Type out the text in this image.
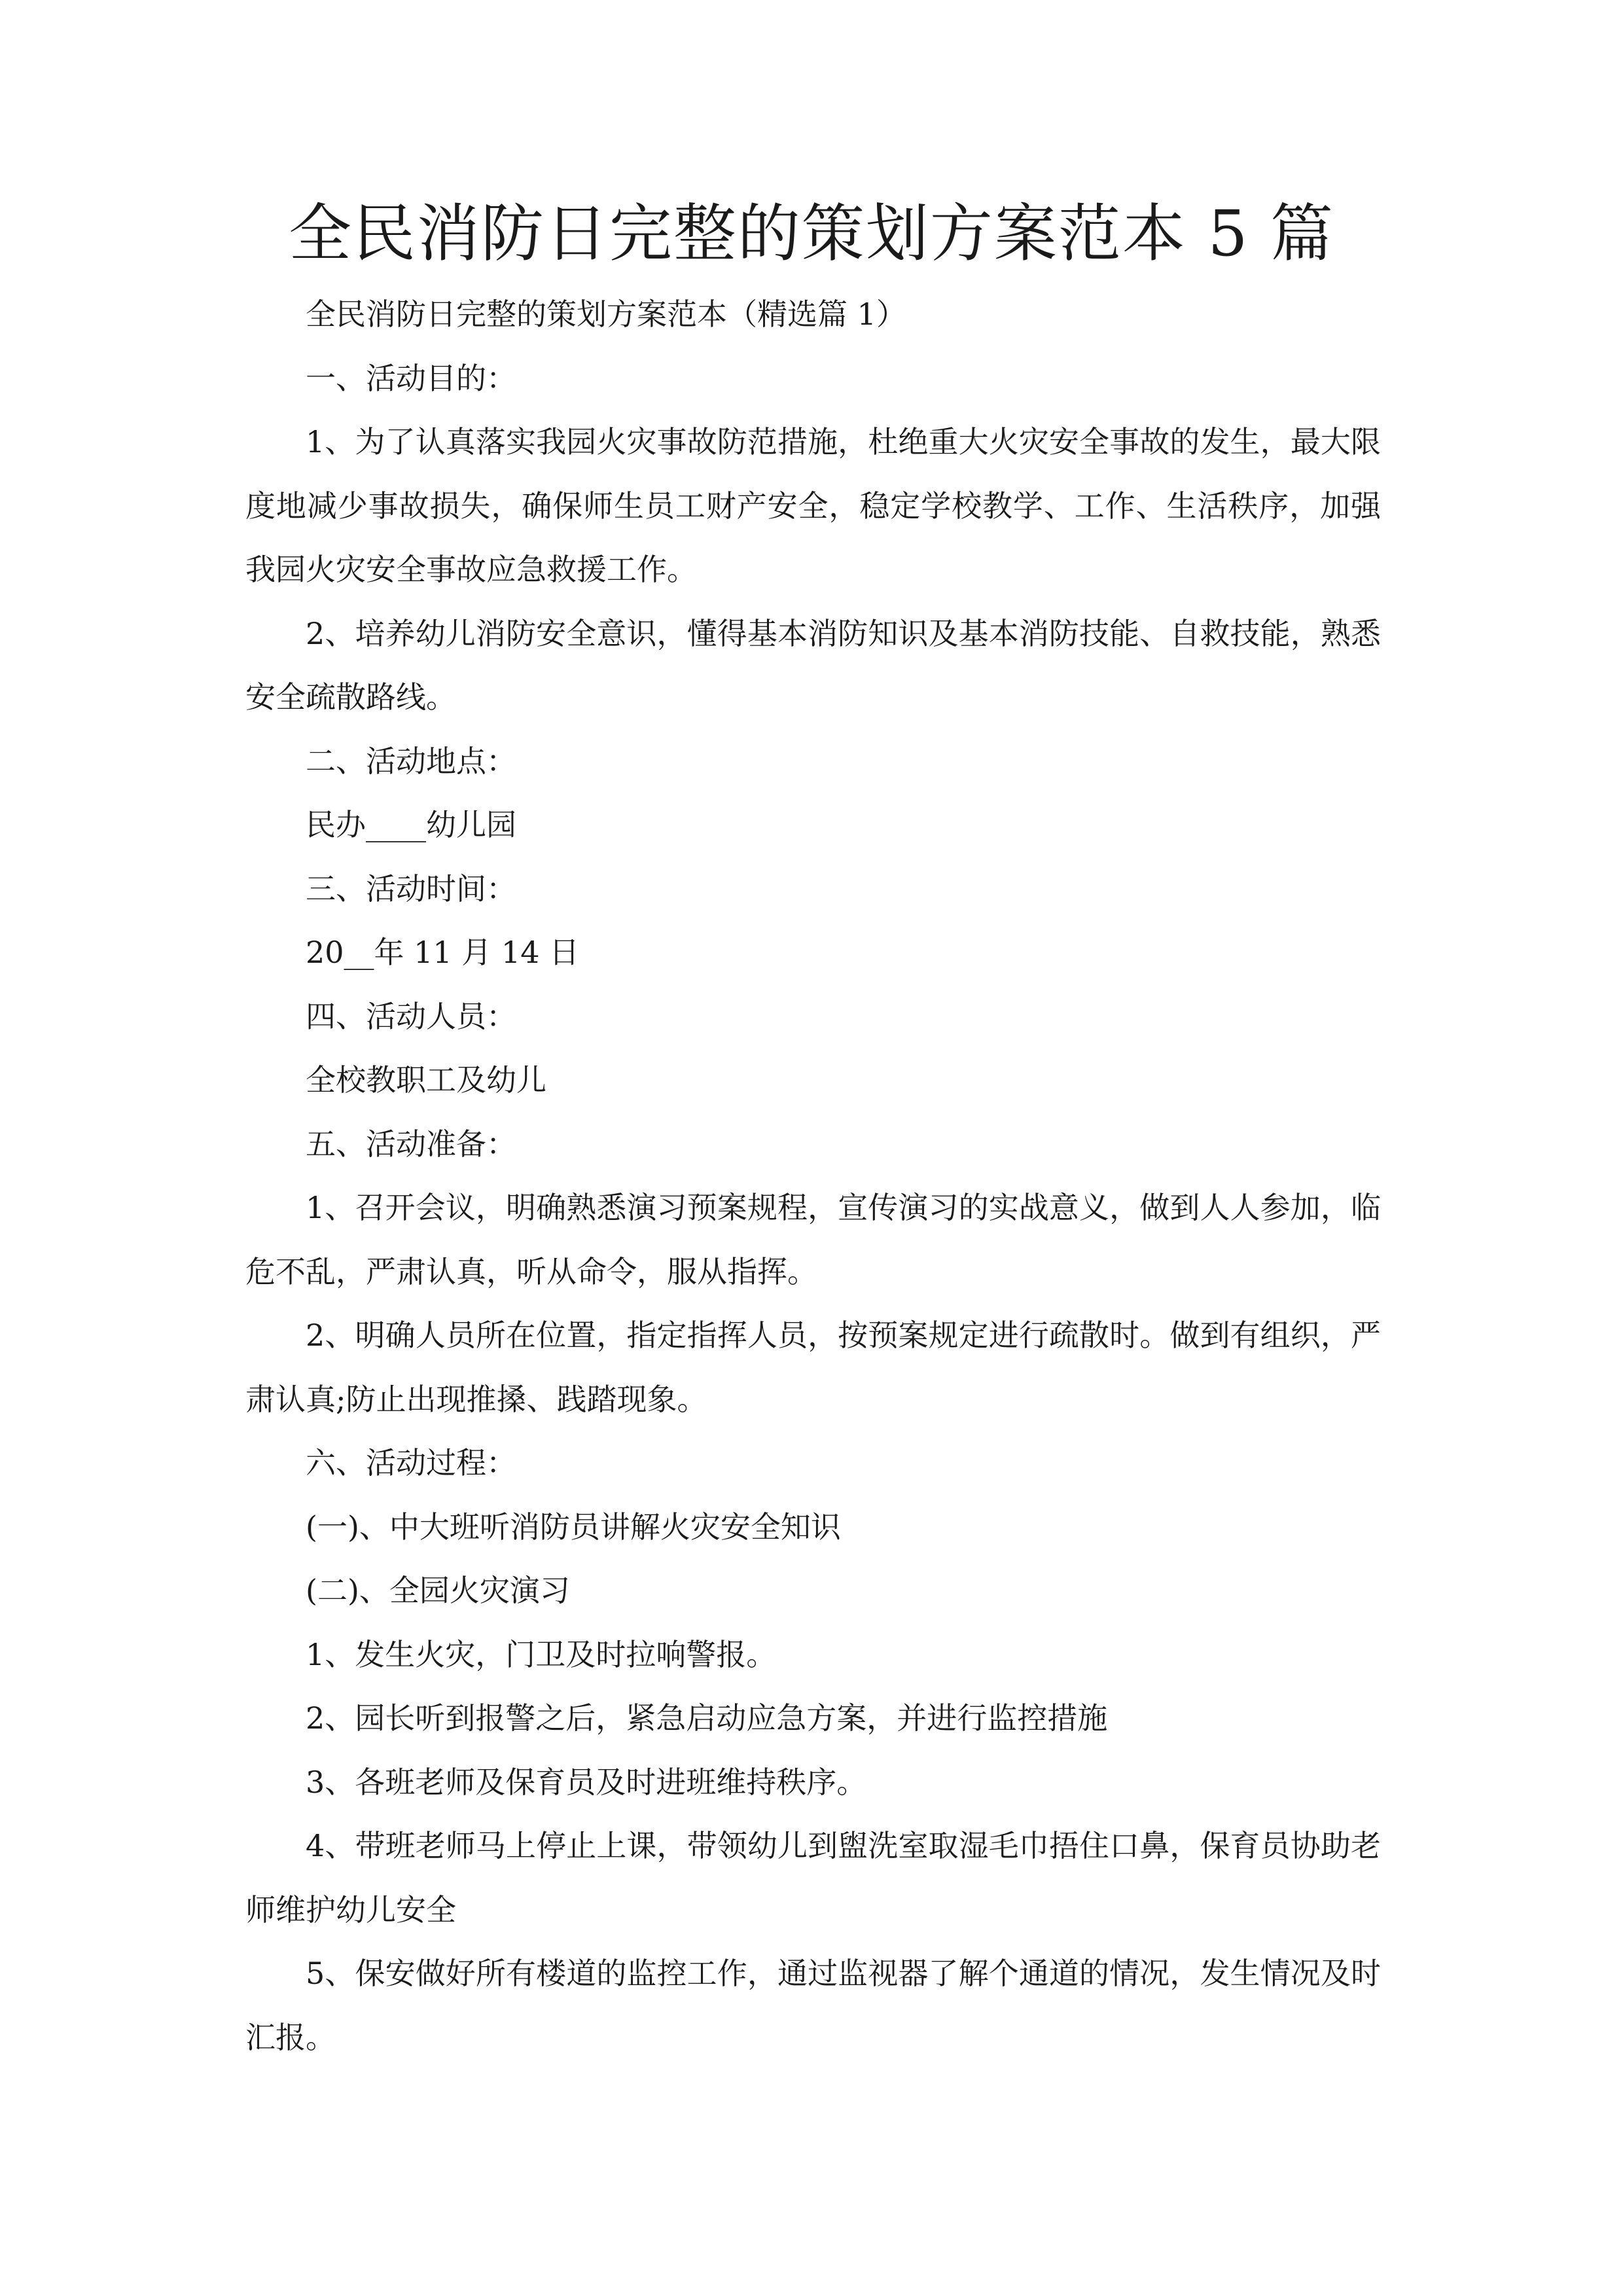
全民消防日完整的策划方案范本 5 篇

全民消防日完整的策划方案范本（精选篇 1）

一、活动目的：

1、为了认真落实我园火灾事故防范措施，杜绝重大火灾安全事故的发生，最大限度地减少事故损失，确保师生员工财产安全，稳定学校教学、工作、生活秩序，加强我园火灾安全事故应急救援工作。

2、培养幼儿消防安全意识，懂得基本消防知识及基本消防技能、自救技能，熟悉安全疏散路线。

二、活动地点：

民办____幼儿园

三、活动时间：

20__年 11 月 14 日

四、活动人员：

全校教职工及幼儿

五、活动准备：

1、召开会议，明确熟悉演习预案规程，宣传演习的实战意义，做到人人参加，临危不乱，严肃认真，听从命令，服从指挥。

2、明确人员所在位置，指定指挥人员，按预案规定进行疏散时。做到有组织，严肃认真;防止出现推搡、践踏现象。

六、活动过程：

(一)、中大班听消防员讲解火灾安全知识

(二)、全园火灾演习

1、发生火灾，门卫及时拉响警报。

2、园长听到报警之后，紧急启动应急方案，并进行监控措施

3、各班老师及保育员及时进班维持秩序。

4、带班老师马上停止上课，带领幼儿到盥洗室取湿毛巾捂住口鼻，保育员协助老师维护幼儿安全

5、保安做好所有楼道的监控工作，通过监视器了解个通道的情况，发生情况及时汇报。
